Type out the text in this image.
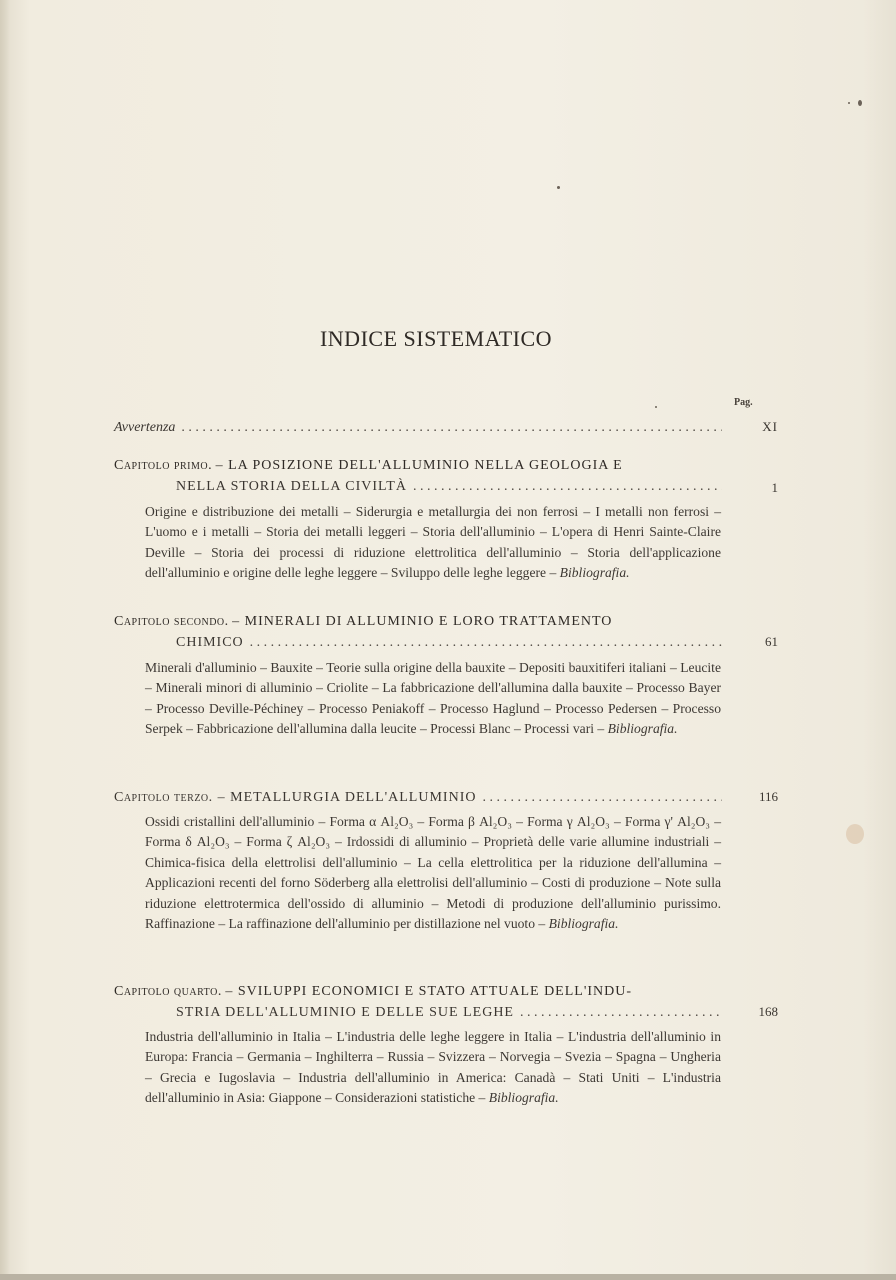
INDICE SISTEMATICO
Pag.
Avvertenza . . .	XI
Capitolo primo. – LA POSIZIONE DELL'ALLUMINIO NELLA GEOLOGIA E
NELLA STORIA DELLA CIVILTÀ . . .	1
Origine e distribuzione dei metalli – Siderurgia e metallurgia dei non ferrosi – I metalli non ferrosi – L'uomo e i metalli – Storia dei metalli leggeri – Storia dell'alluminio – L'opera di Henri Sainte-Claire Deville – Storia dei processi di riduzione elettrolitica dell'alluminio – Storia dell'applicazione dell'alluminio e origine delle leghe leggere – Sviluppo delle leghe leggere – Bibliografia.
Capitolo secondo. – MINERALI DI ALLUMINIO E LORO TRATTAMENTO
CHIMICO . . .	61
Minerali d'alluminio – Bauxite – Teorie sulla origine della bauxite – Depositi bauxitiferi italiani – Leucite – Minerali minori di alluminio – Criolite – La fabbricazione dell'allumina dalla bauxite – Processo Bayer – Processo Deville-Péchiney – Processo Peniakoff – Processo Haglund – Processo Pedersen – Processo Serpek – Fabbricazione dell'allumina dalla leucite – Processi Blanc – Processi vari – Bibliografia.
Capitolo terzo. – METALLURGIA DELL'ALLUMINIO . . .	116
Ossidi cristallini dell'alluminio – Forma α Al₂O₃ – Forma β Al₂O₃ – Forma γ Al₂O₃ – Forma γ' Al₂O₃ – Forma δ Al₂O₃ – Forma ζ Al₂O₃ – Irdossidi di alluminio – Proprietà delle varie allumine industriali – Chimica-fisica della elettrolisi dell'alluminio – La cella elettrolitica per la riduzione dell'allumina – Applicazioni recenti del forno Söderberg alla elettrolisi dell'alluminio – Costi di produzione – Note sulla riduzione elettrotermica dell'ossido di alluminio – Metodi di produzione dell'alluminio purissimo. Raffinazione – La raffinazione dell'alluminio per distillazione nel vuoto – Bibliografia.
Capitolo quarto. – SVILUPPI ECONOMICI E STATO ATTUALE DELL'INDU-
STRIA DELL'ALLUMINIO E DELLE SUE LEGHE . . .	168
Industria dell'alluminio in Italia – L'industria delle leghe leggere in Italia – L'industria dell'alluminio in Europa: Francia – Germania – Inghilterra – Russia – Svizzera – Norvegia – Svezia – Spagna – Ungheria – Grecia e Iugoslavia – Industria dell'alluminio in America: Canadà – Stati Uniti – L'industria dell'alluminio in Asia: Giappone – Considerazioni statistiche – Bibliografia.
